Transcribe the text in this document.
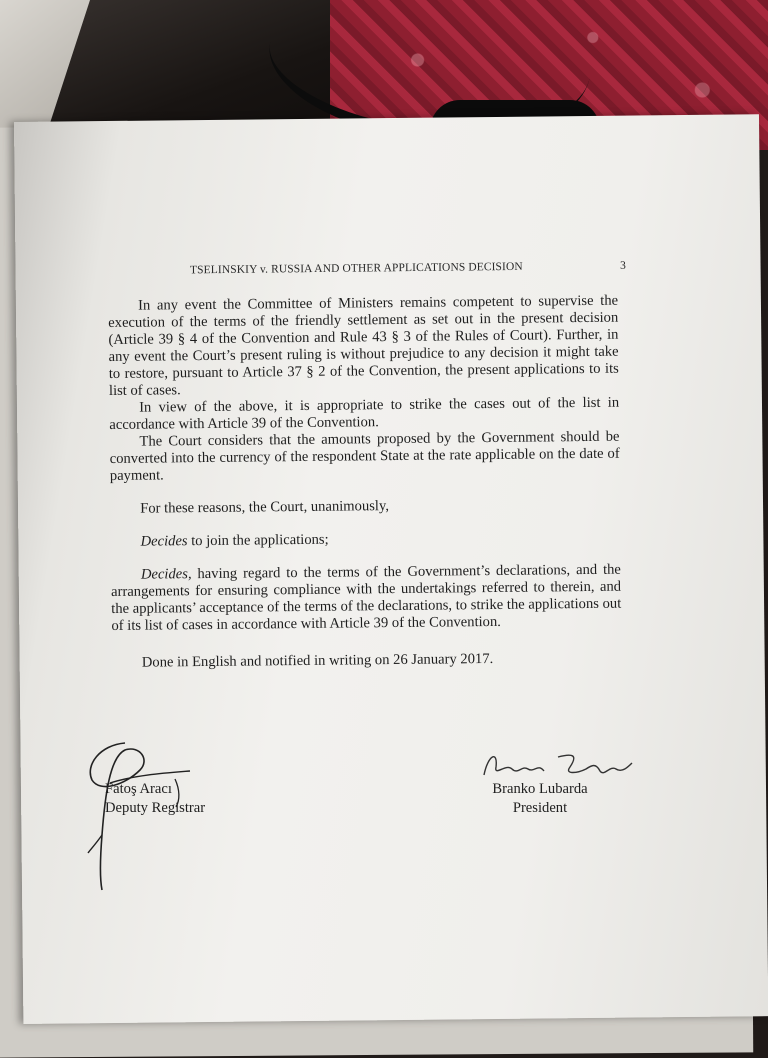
TSELINSKIY v. RUSSIA AND OTHER APPLICATIONS DECISION	3

In any event the Committee of Ministers remains competent to supervise the execution of the terms of the friendly settlement as set out in the present decision (Article 39 § 4 of the Convention and Rule 43 § 3 of the Rules of Court). Further, in any event the Court’s present ruling is without prejudice to any decision it might take to restore, pursuant to Article 37 § 2 of the Convention, the present applications to its list of cases.

In view of the above, it is appropriate to strike the cases out of the list in accordance with Article 39 of the Convention.

The Court considers that the amounts proposed by the Government should be converted into the currency of the respondent State at the rate applicable on the date of payment.

For these reasons, the Court, unanimously,

Decides to join the applications;

Decides, having regard to the terms of the Government’s declarations, and the arrangements for ensuring compliance with the undertakings referred to therein, and the applicants’ acceptance of the terms of the declarations, to strike the applications out of its list of cases in accordance with Article 39 of the Convention.

Done in English and notified in writing on 26 January 2017.

Fatoş Aracı
Deputy Registrar
Branko Lubarda
President
